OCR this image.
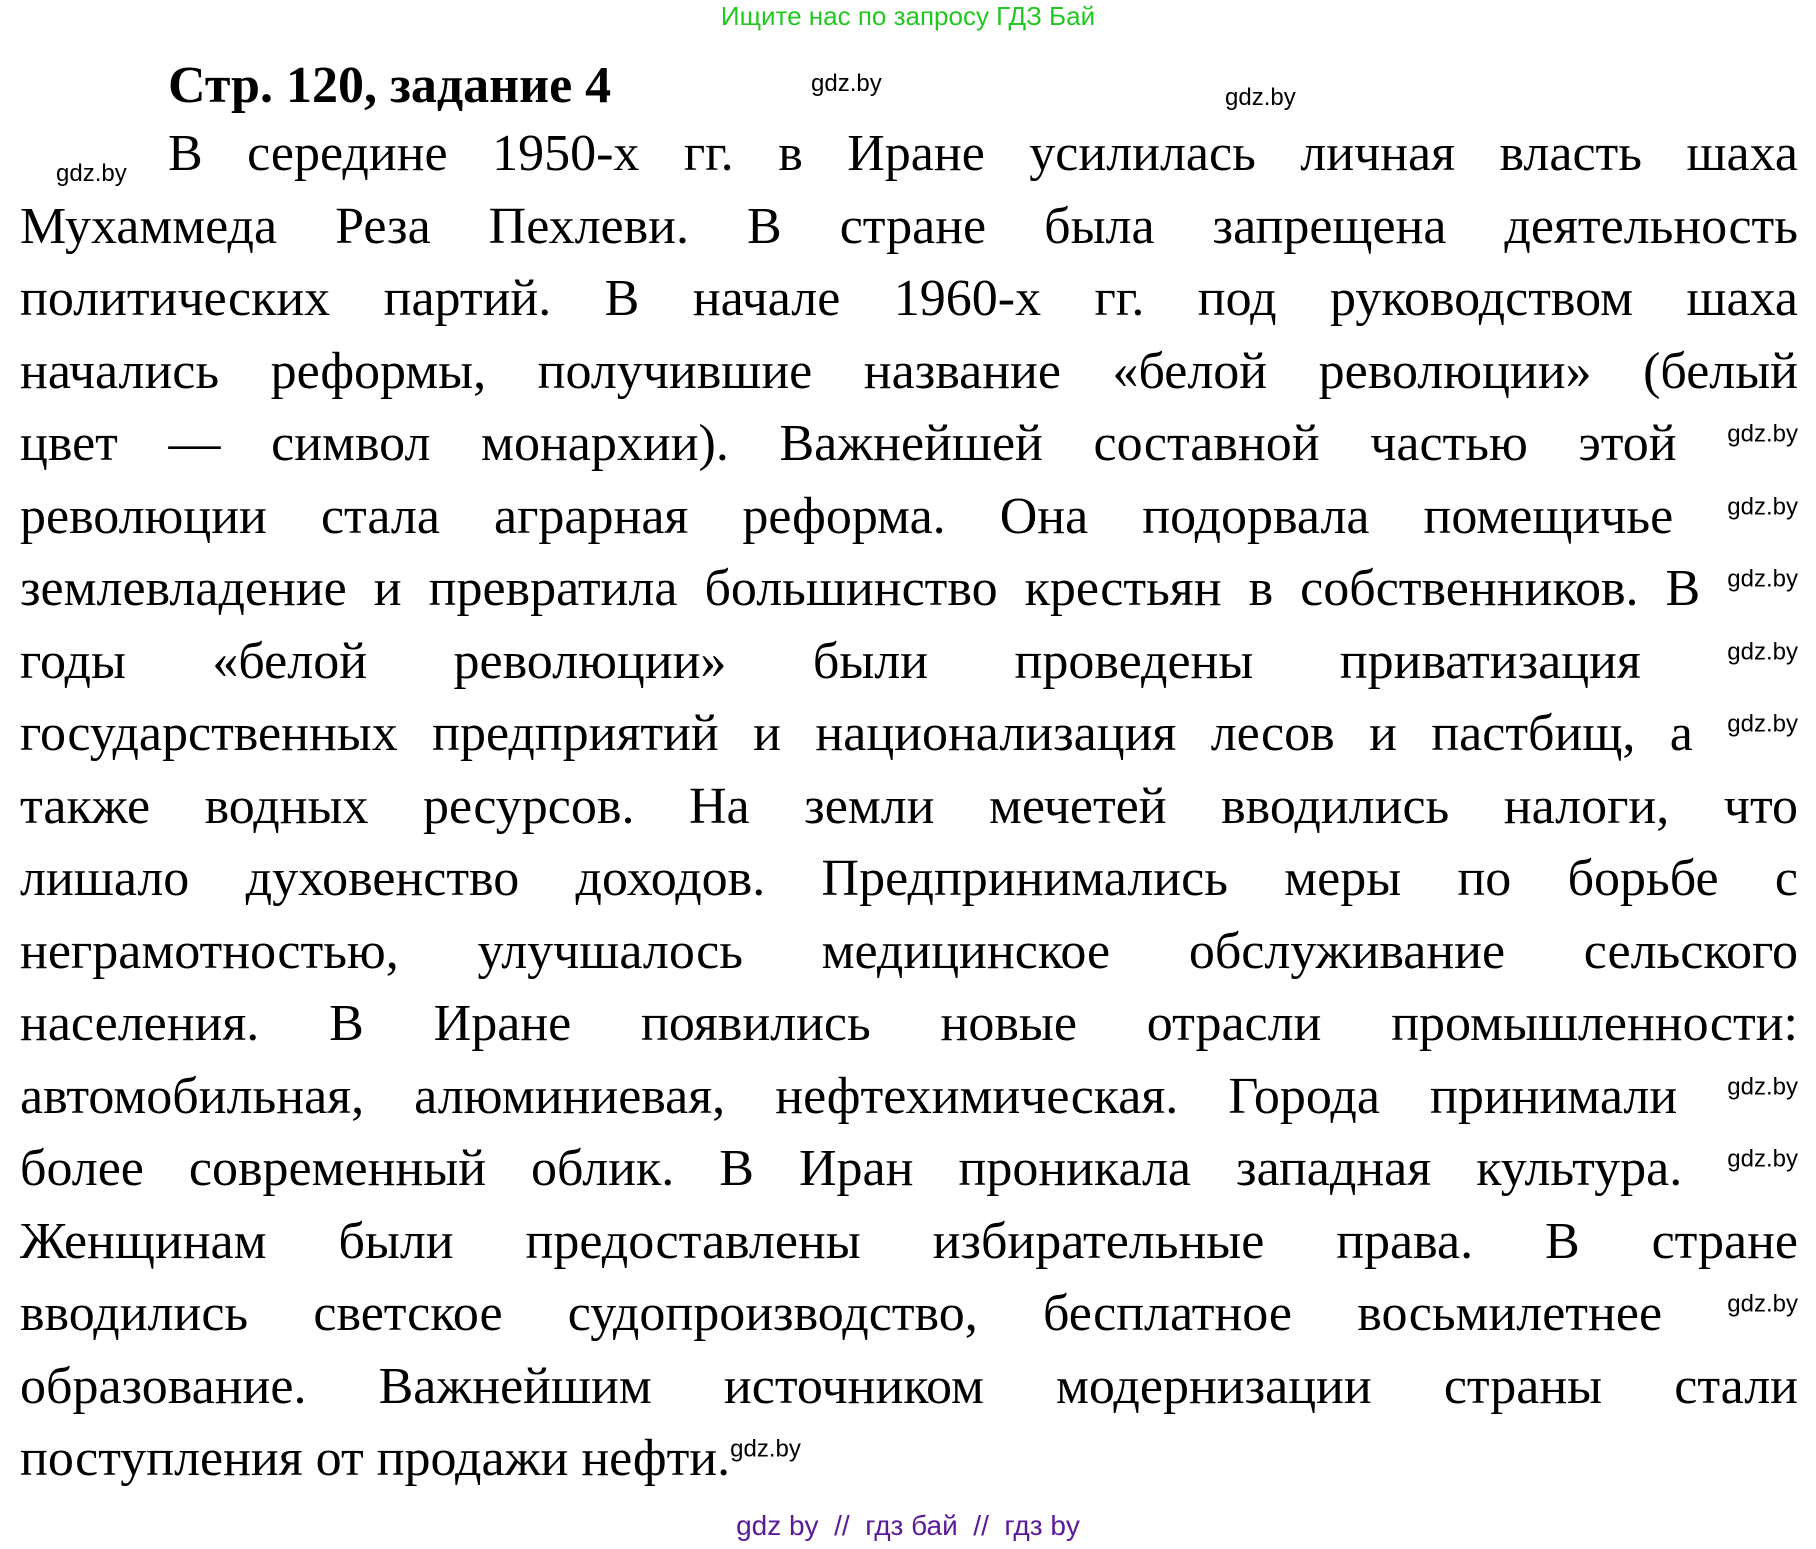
Ищите нас по запросу ГДЗ Бай
Стр. 120, задание 4	gdz.by
gdz.by
gdz.by В середине 1950-х гг. в Иране усилилась личная власть шаха
Мухаммеда Реза Пехлеви. В стране была запрещена деятельность
политических партий. В начале 1960-х гг. под руководством шаха
начались реформы, получившие название «белой революции» (белый
цвет — символ монархии). Важнейшей составной частью этой $^{gdz.by}$
революции стала аграрная реформа. Она подорвала помещичье $^{gdz.by}$
землевладение и превратила большинство крестьян в собственников. В $^{gdz.by}$
годы «белой революции» были проведены приватизация	$^{gdz.by}$
государственных предприятий и национализация лесов и пастбищ, а $^{gdz.by}$
также водных ресурсов. На земли мечетей вводились налоги, что
лишало духовенство доходов. Предпринимались меры по борьбе с
неграмотностью, улучшалось медицинское обслуживание сельского
населения. В Иране появились новые отрасли промышленности:
автомобильная, алюминиевая, нефтехимическая. Города принимали $^{gdz.by}$
более современный облик. В Иран проникала западная культура. $^{gdz.by}$
Женщинам были предоставлены избирательные права. В стране
вводились светское судопроизводство, бесплатное восьмилетнее	$^{gdz.by}$
образование. Важнейшим источником модернизации страны стали
поступления от продажи нефти.$^{gdz.by}$
gdz by  //  гдз бай  //  гдз by
